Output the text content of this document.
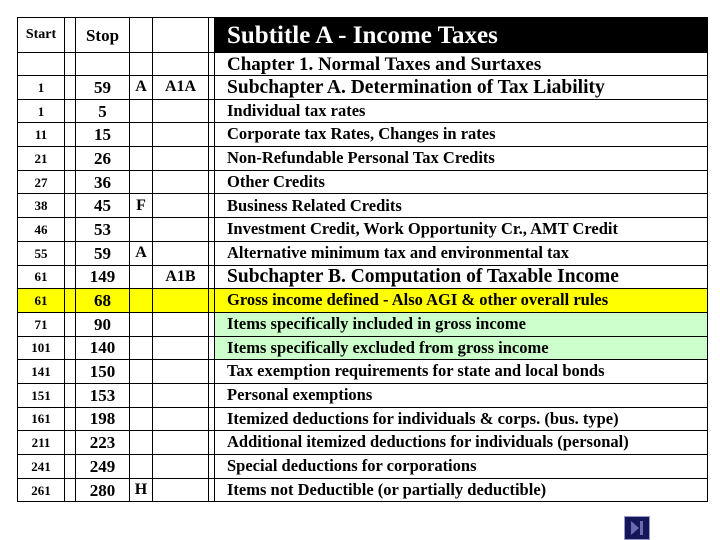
Start		Stop				Subtitle A - Income Taxes
						Chapter 1. Normal Taxes and Surtaxes
1		59	A	A1A		Subchapter A. Determination of Tax Liability
1		5				Individual tax rates
11		15				Corporate tax Rates, Changes in rates
21		26				Non-Refundable Personal Tax Credits
27		36				Other Credits
38		45	F			Business Related Credits
46		53				Investment Credit, Work Opportunity Cr., AMT Credit
55		59	A			Alternative minimum tax and environmental tax
61		149		A1B		Subchapter B. Computation of Taxable Income
61		68				Gross income defined - Also AGI & other overall rules
71		90				Items specifically included in gross income
101		140				Items specifically excluded from gross income
141		150				Tax exemption requirements for state and local bonds
151		153				Personal exemptions
161		198				Itemized deductions for individuals & corps. (bus. type)
211		223				Additional itemized deductions for individuals (personal)
241		249				Special deductions for corporations
261		280	H			Items not Deductible (or partially deductible)
